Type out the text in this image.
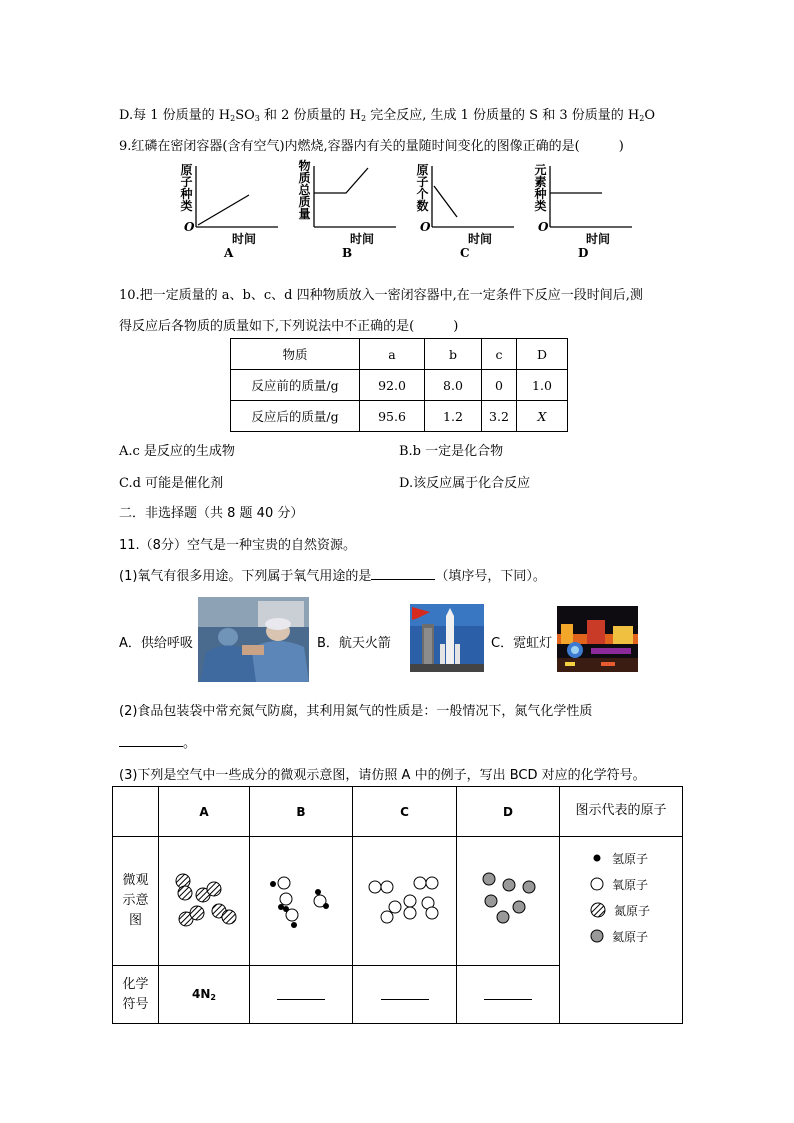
D.每 1 份质量的 $H_2SO_3$ 和 2 份质量的 $H_2$ 完全反应, 生成 1 份质量的 S 和 3 份质量的 $H_2O$
9.红磷在密闭容器(含有空气)内燃烧,容器内有关的量随时间变化的图像正确的是(　　　)
原子种类
O
时间
A
物质总质量
时间
B
原子个数
O
时间
C
元素种类
O
时间
D
10.把一定质量的 a、b、c、d 四种物质放入一密闭容器中,在一定条件下反应一段时间后,测
得反应后各物质的质量如下,下列说法中不正确的是(　　　)
物质	a	b	c	D
反应前的质量/g	92.0	8.0	0	1.0
反应后的质量/g	95.6	1.2	3.2	X
A.c 是反应的生成物	B.b 一定是化合物
C.d 可能是催化剂	D.该反应属于化合反应
二．非选择题（共 8 题 40 分）
11.（8分）空气是一种宝贵的自然资源。
(1)氧气有很多用途。下列属于氧气用途的是	（填序号，下同）。
A．供给呼吸	B．航天火箭	C．霓虹灯
(2)食品包装袋中常充氮气防腐，其利用氮气的性质是：一般情况下，氮气化学性质
。
(3)下列是空气中一些成分的微观示意图，请仿照 A 中的例子，写出 BCD 对应的化学符号。
	A	B	C	D	图示代表的原子
微观示意图					氢原子
氧原子
氮原子
氦原子

化学符号	$4N_2$			
